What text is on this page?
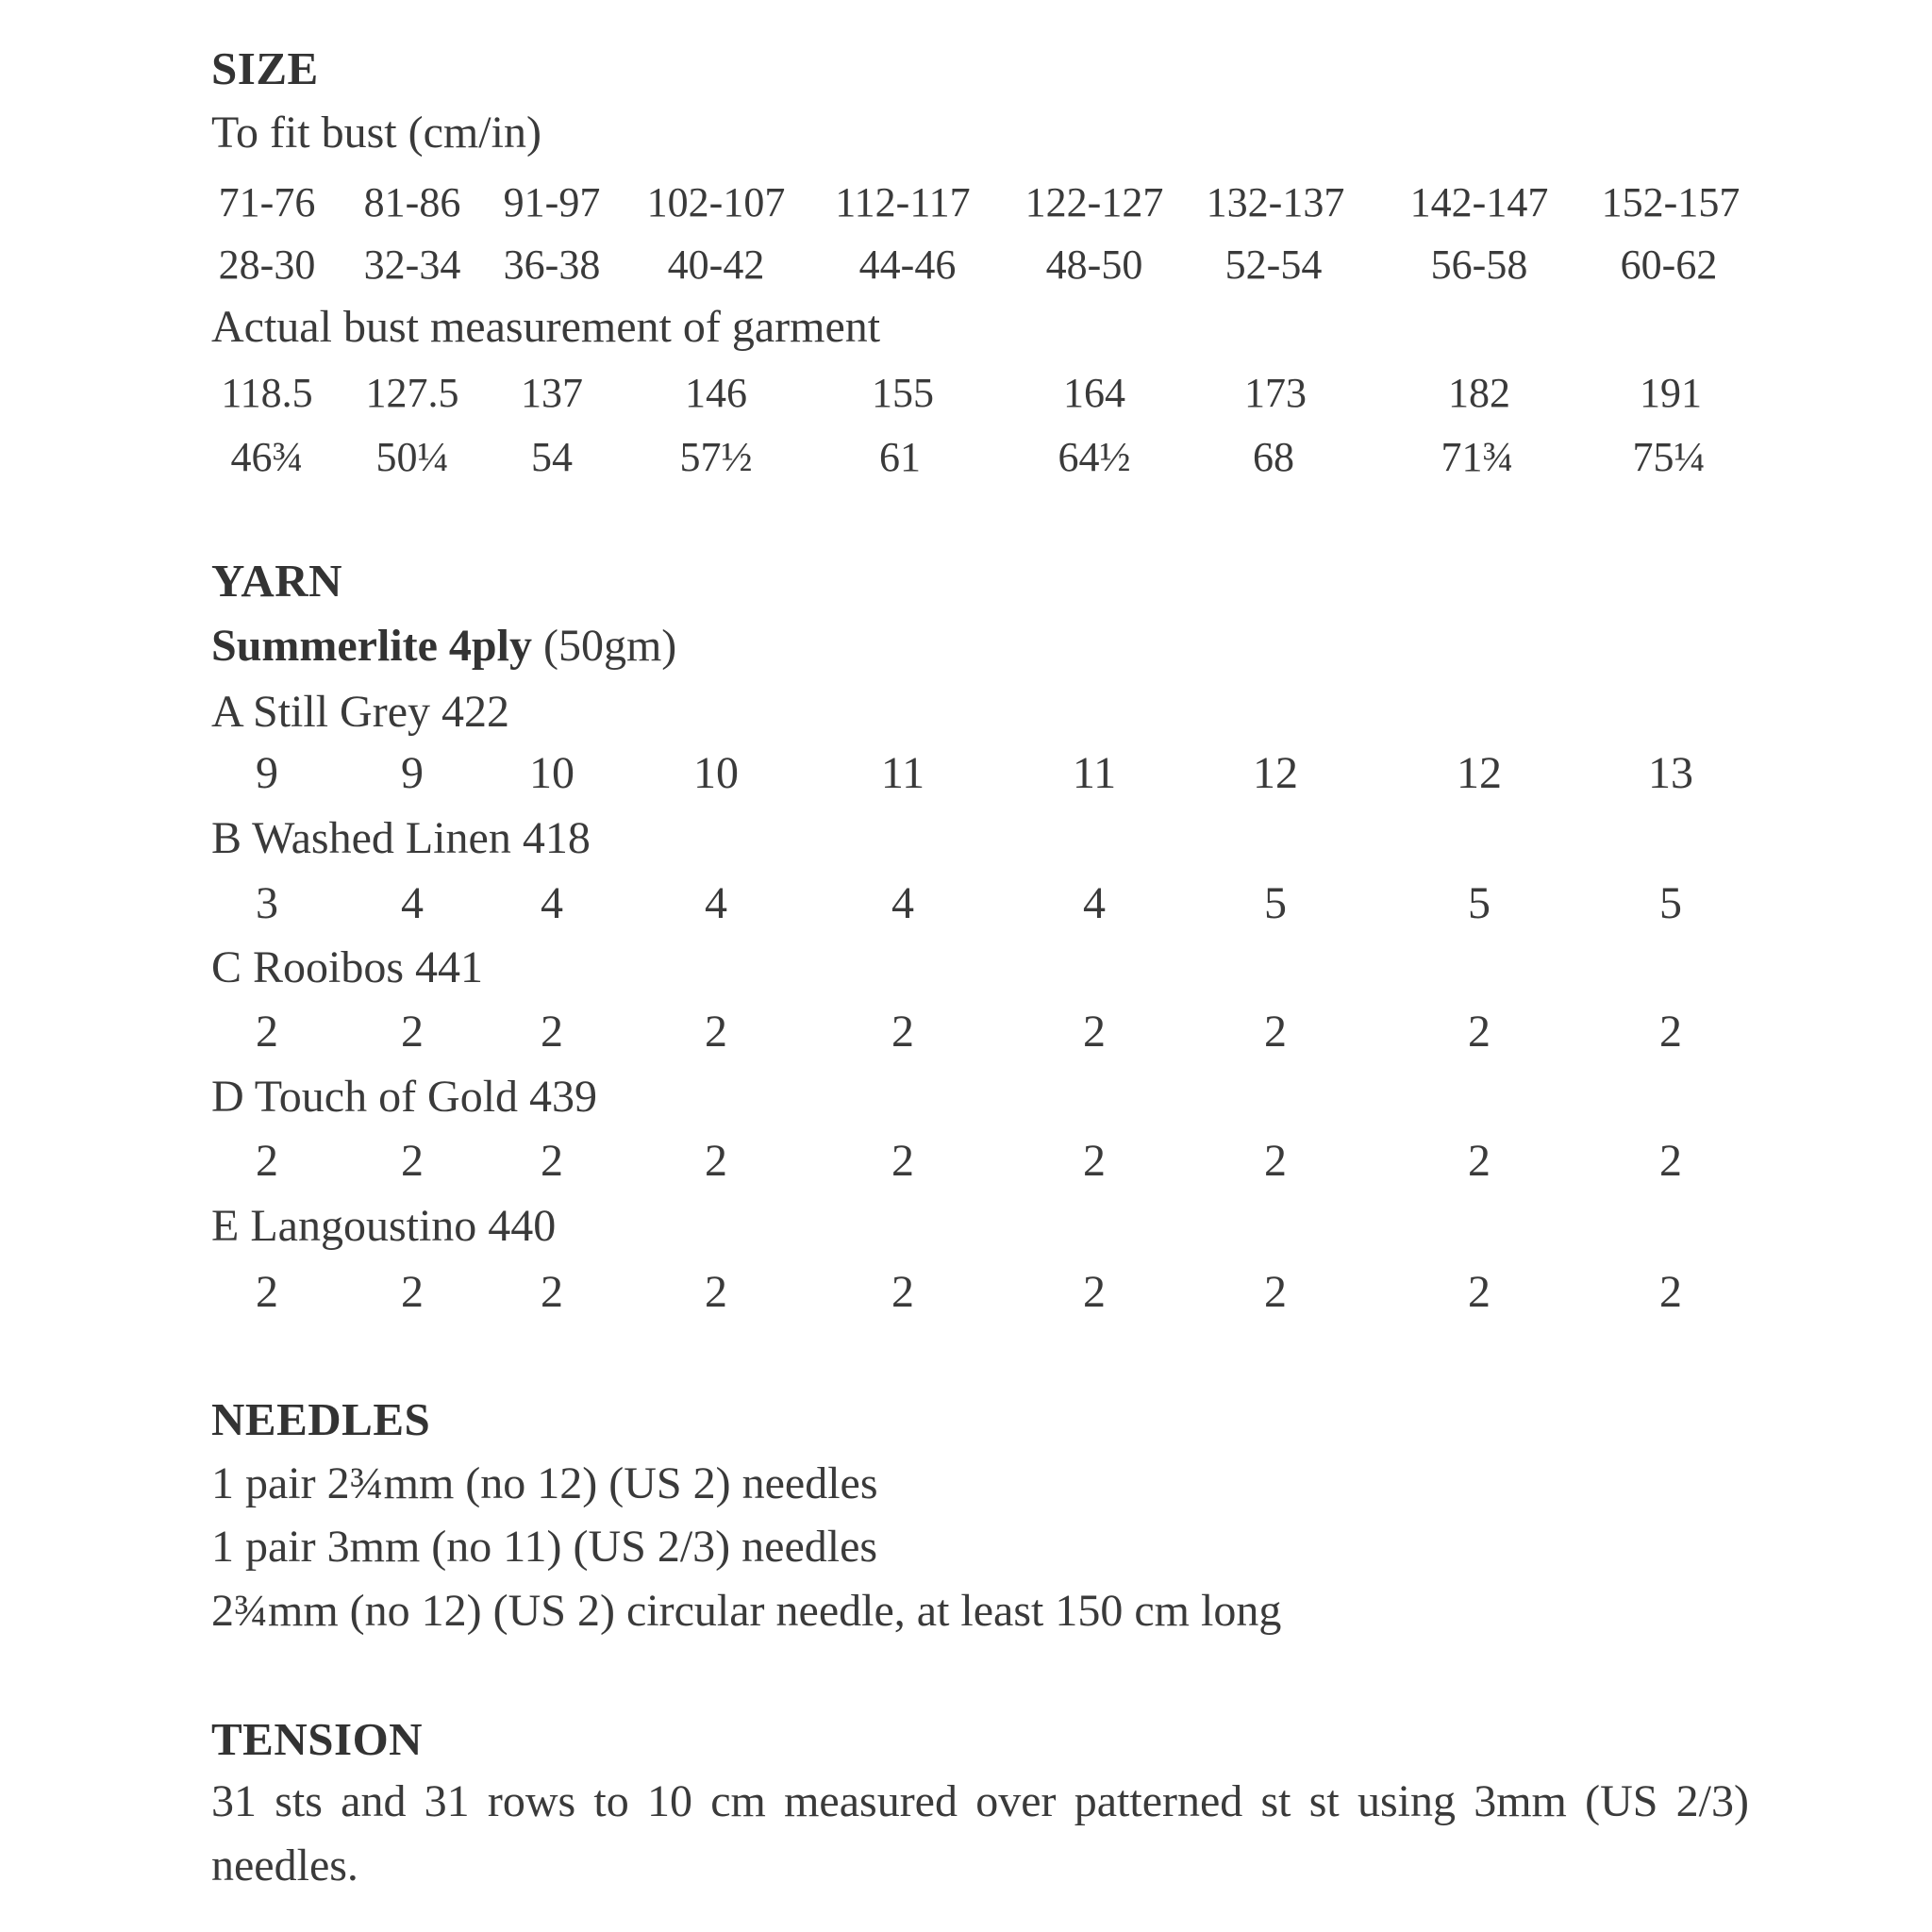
SIZE
To fit bust (cm/in)
71-76	81-86	91-97	102-107	112-117	122-127	132-137	142-147	152-157
28-30	32-34	36-38	40-42	44-46	48-50	52-54	56-58	60-62
Actual bust measurement of garment
118.5	127.5	137	146	155	164	173	182	191
46¾	50¼	54	57½	61	64½	68	71¾	75¼
YARN
Summerlite 4ply (50gm)
A Still Grey 422
9	9	10	10	11	11	12	12	13
B Washed Linen 418
3	4	4	4	4	4	5	5	5
C Rooibos 441
2	2	2	2	2	2	2	2	2
D Touch of Gold 439
2	2	2	2	2	2	2	2	2
E Langoustino 440
2	2	2	2	2	2	2	2	2
NEEDLES
1 pair 2¾mm (no 12) (US 2) needles
1 pair 3mm (no 11) (US 2/3) needles
2¾mm (no 12) (US 2) circular needle, at least 150 cm long
TENSION
31 sts and 31 rows to 10 cm measured over patterned st st using 3mm (US 2/3) needles.
